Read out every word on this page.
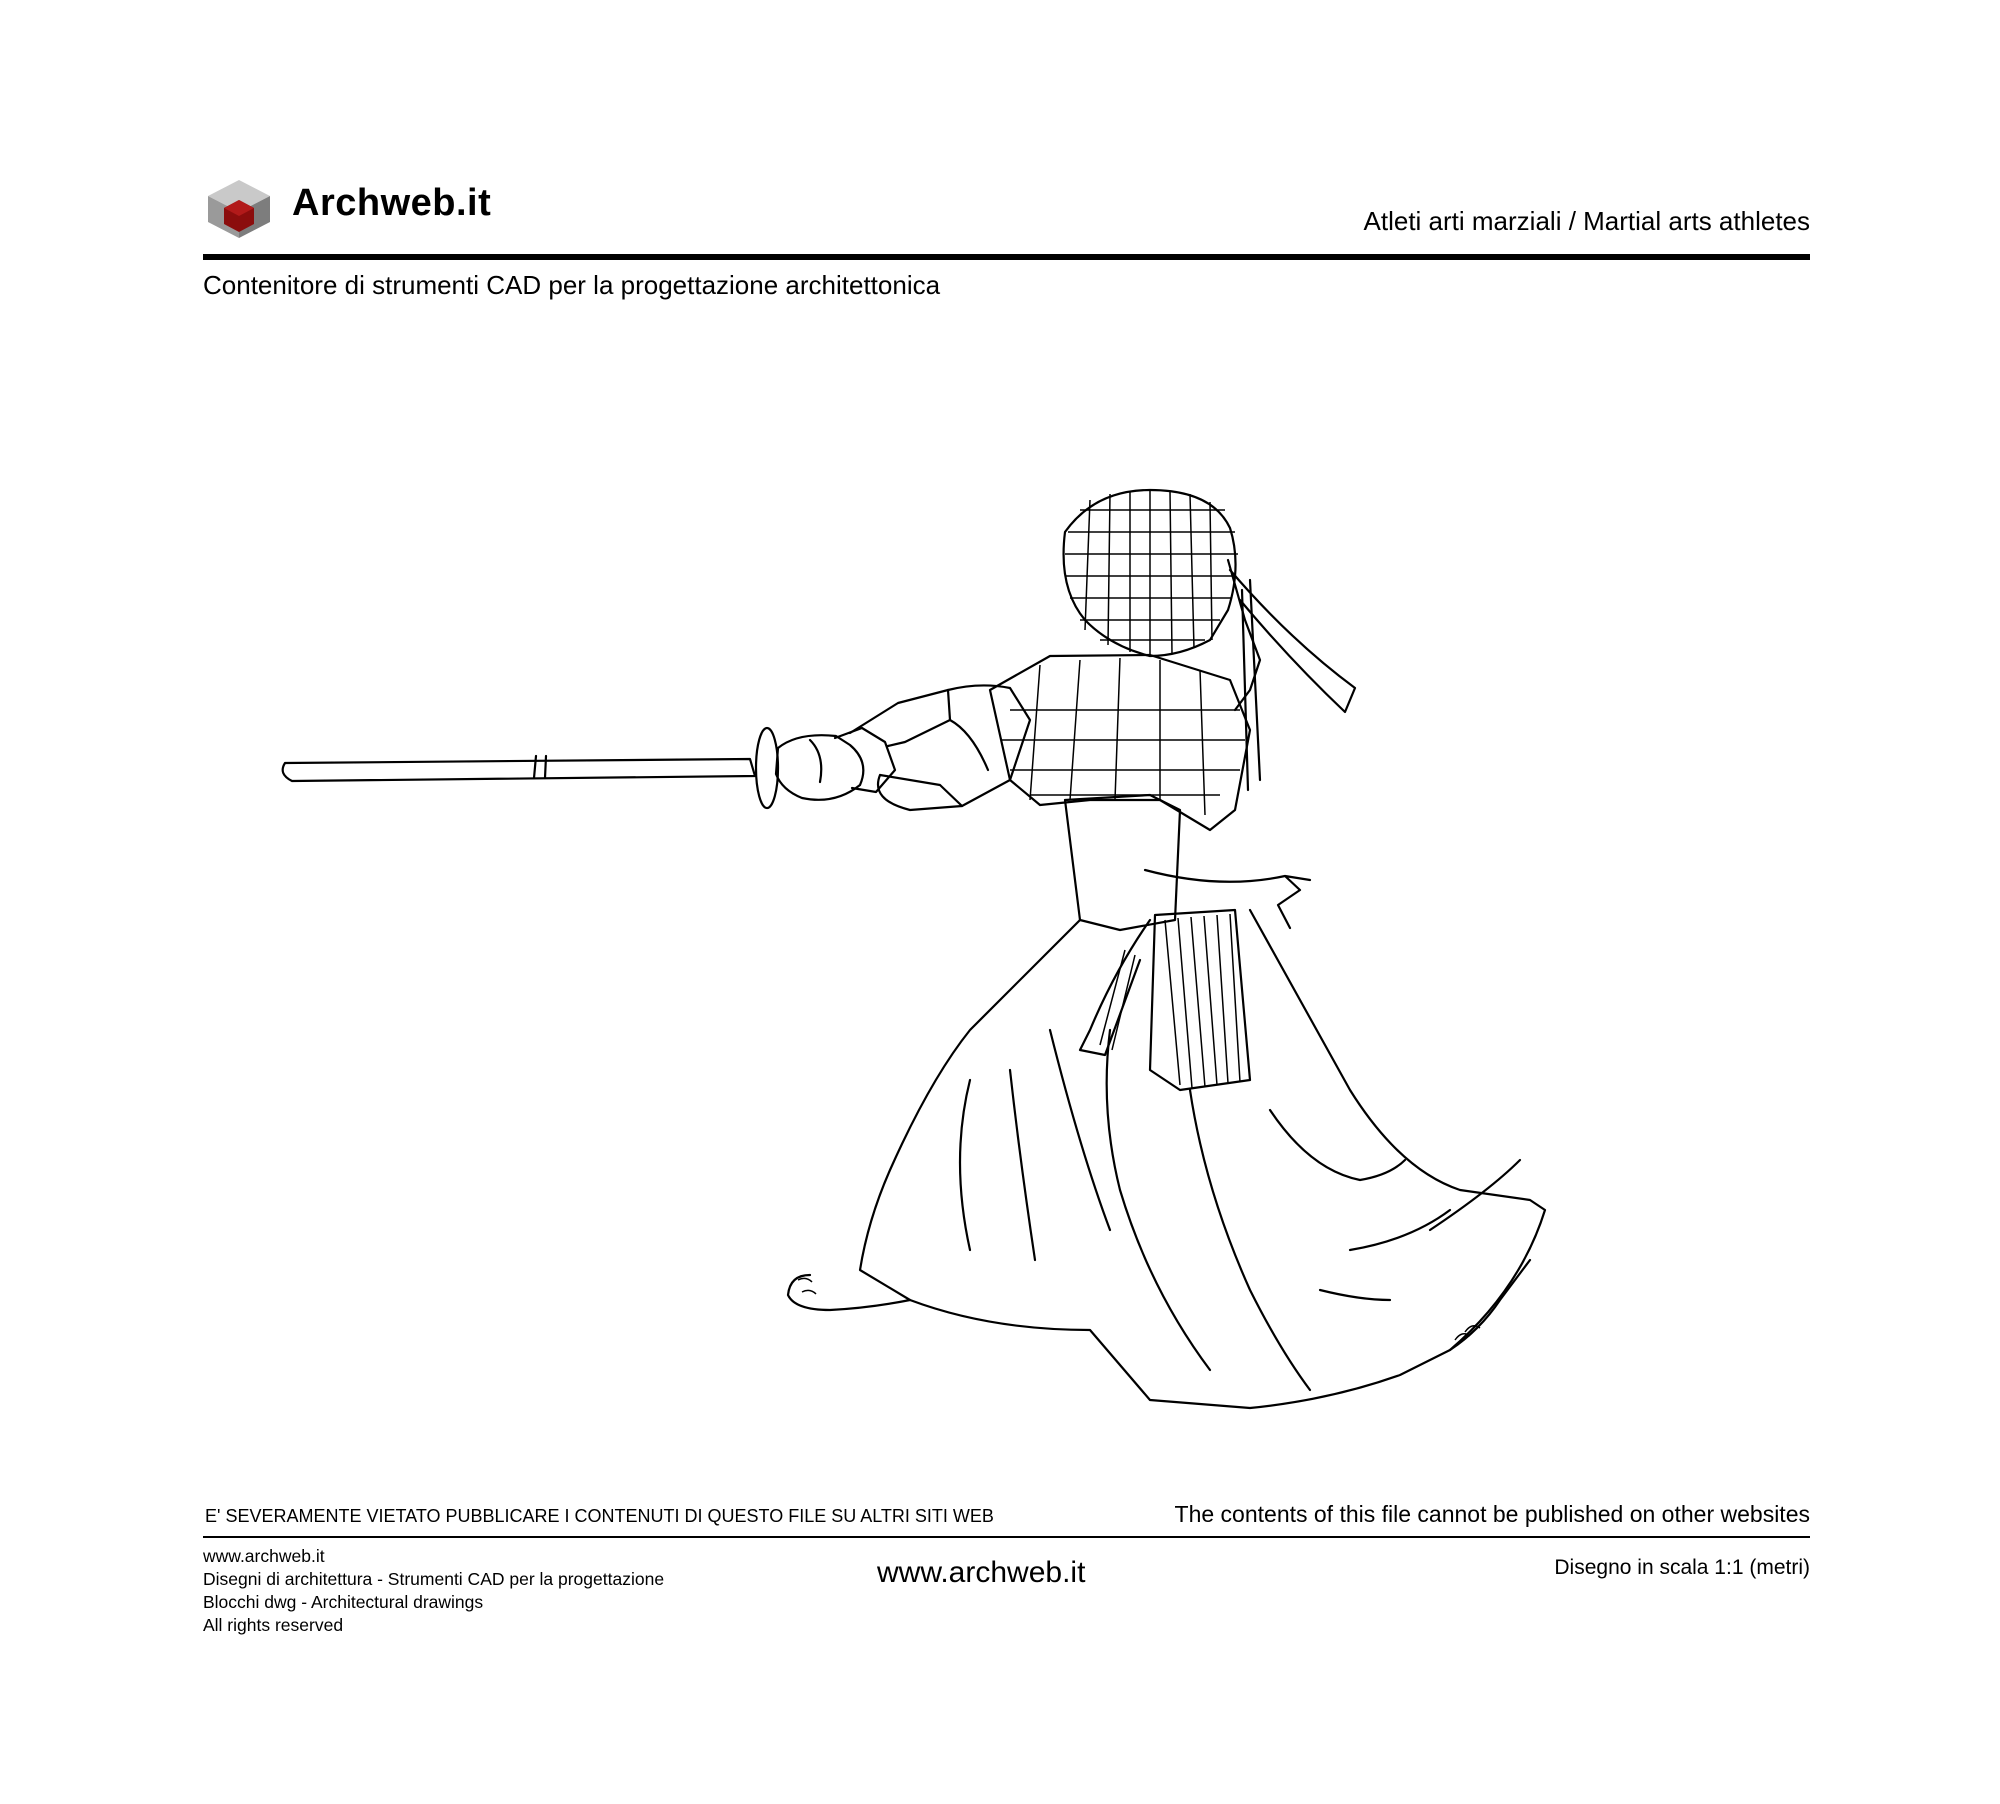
Archweb.it	Atleti arti marziali / Martial arts athletes
Contenitore di strumenti CAD per la progettazione architettonica
E' SEVERAMENTE VIETATO PUBBLICARE I CONTENUTI DI QUESTO FILE SU ALTRI SITI WEB	The contents of this file cannot be published on other websites
www.archweb.it
Disegni di architettura - Strumenti CAD per la progettazione
Blocchi dwg - Architectural drawings
All rights reserved
www.archweb.it	Disegno in scala 1:1 (metri)
